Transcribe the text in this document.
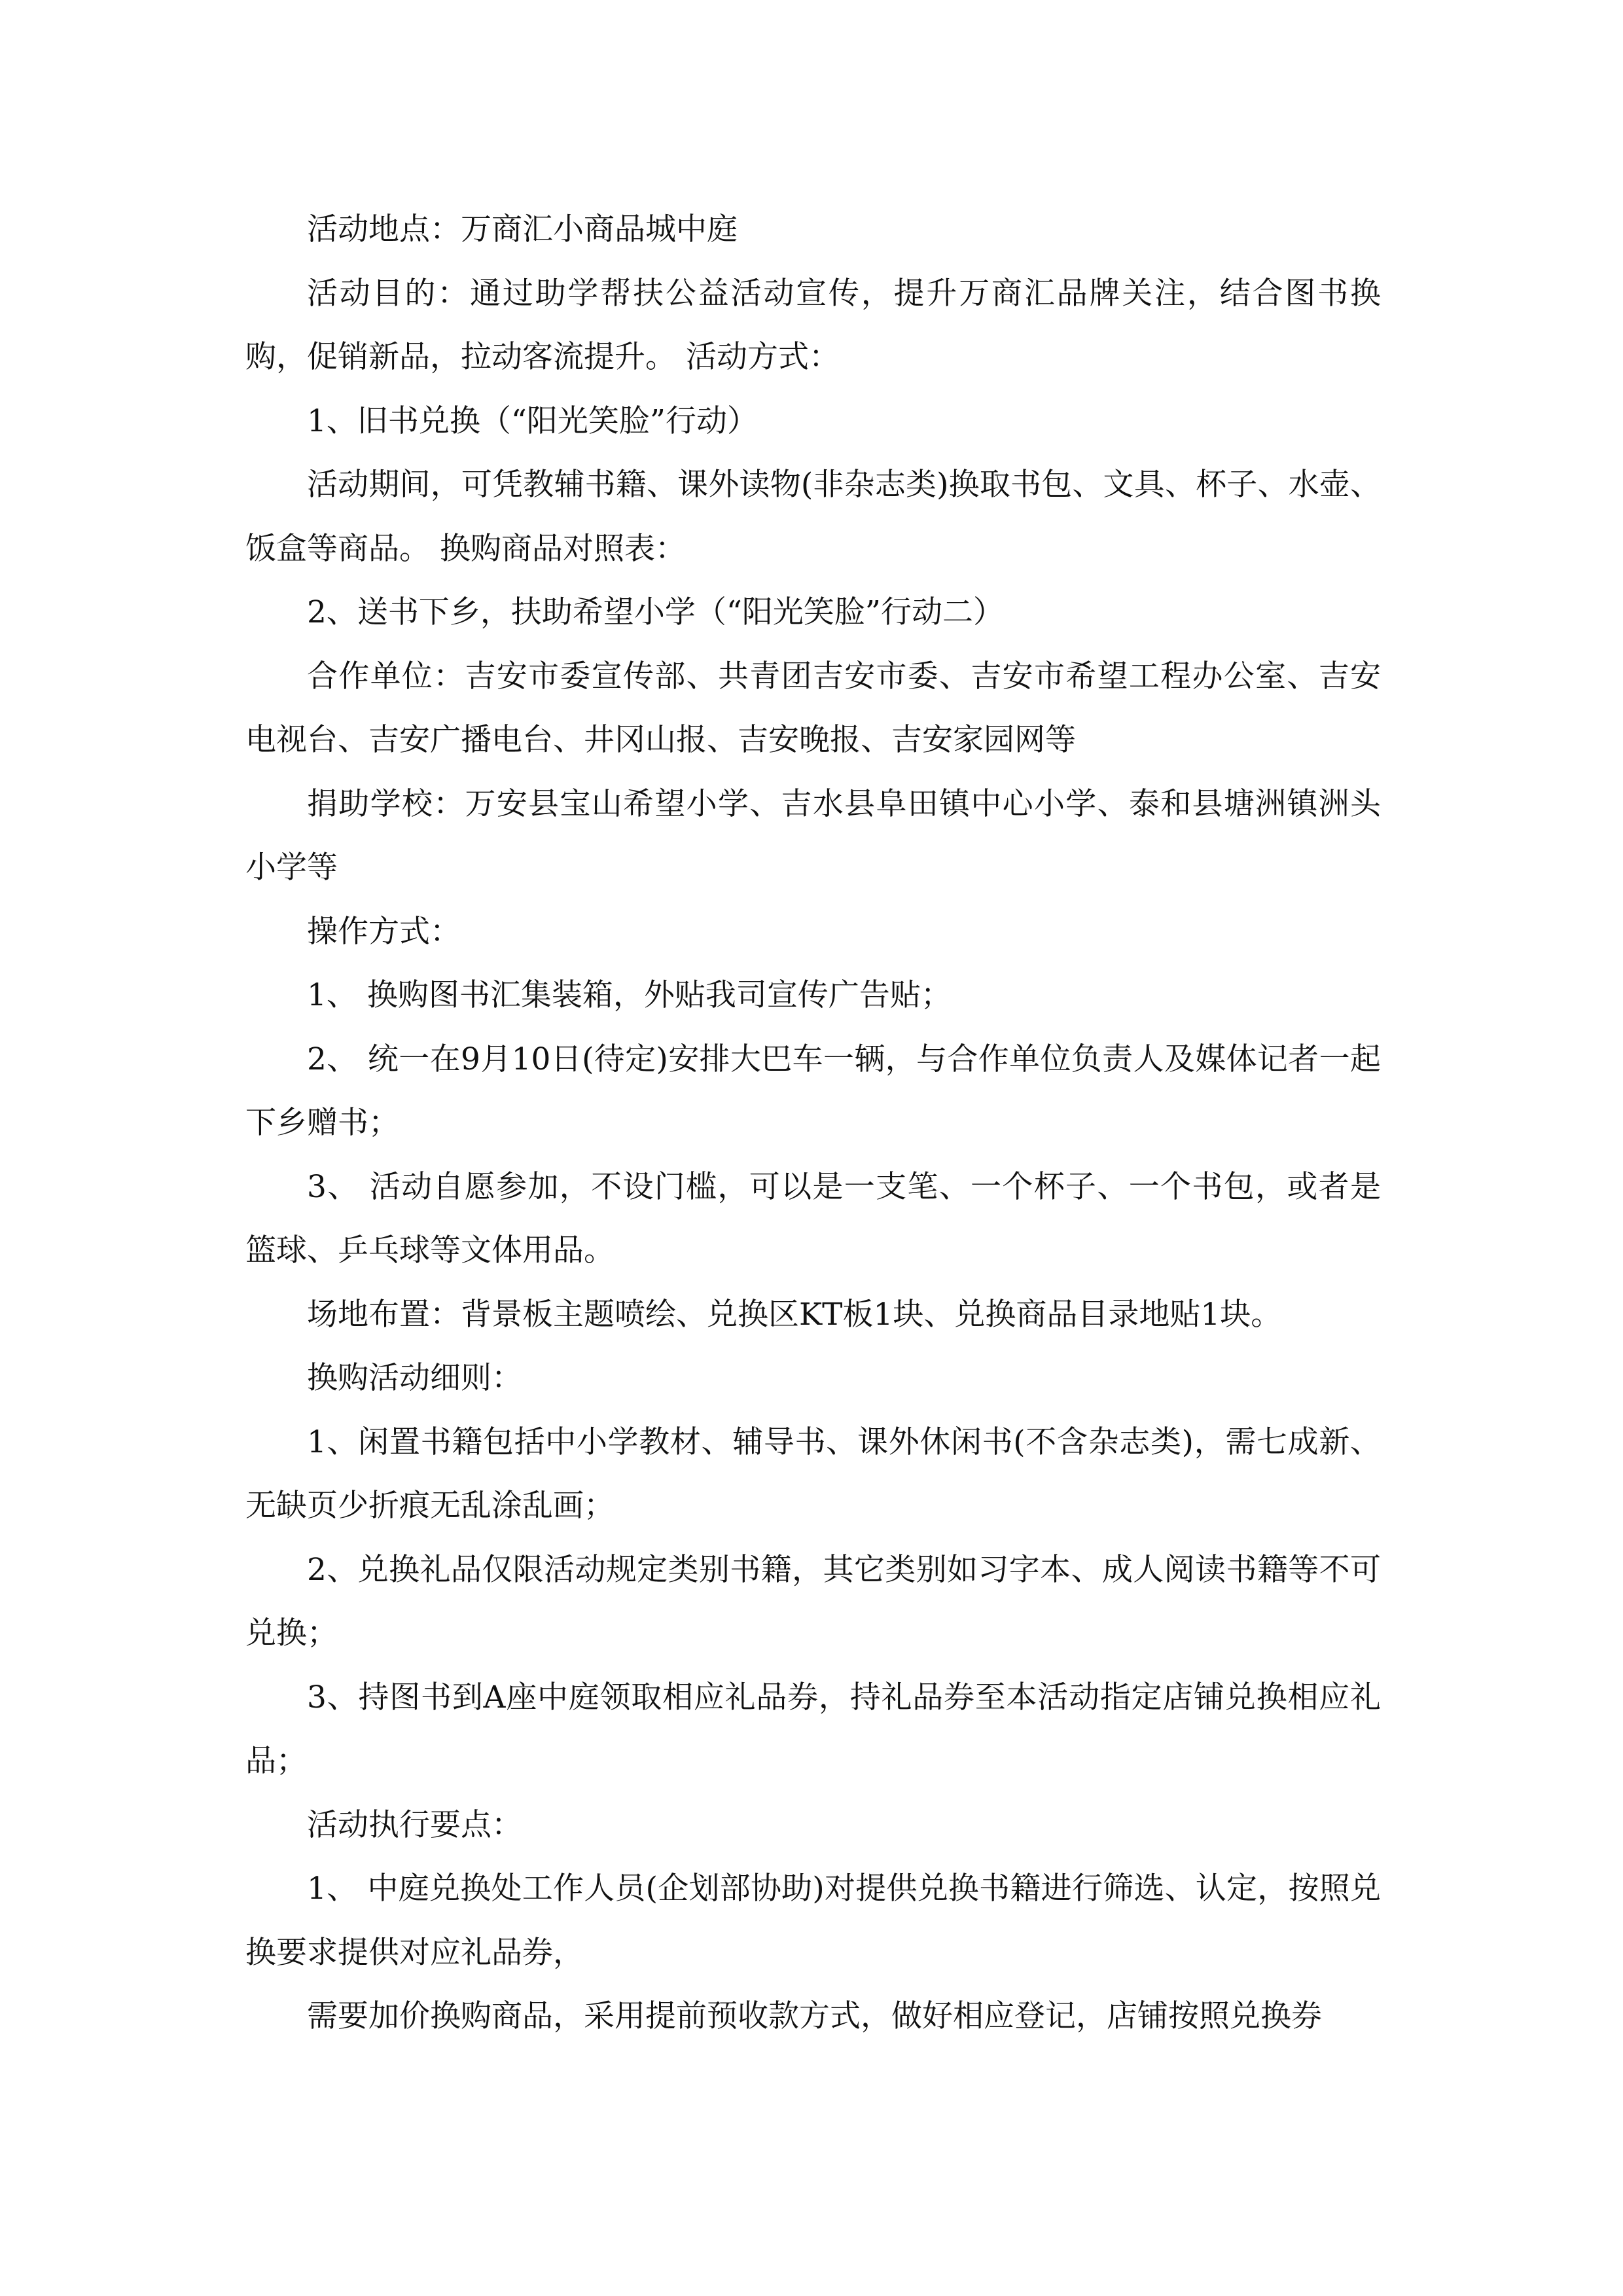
活动地点：万商汇小商品城中庭

活动目的：通过助学帮扶公益活动宣传，提升万商汇品牌关注，结合图书换购，促销新品，拉动客流提升。 活动方式：

1、旧书兑换（“阳光笑脸”行动）

活动期间，可凭教辅书籍、课外读物(非杂志类)换取书包、文具、杯子、水壶、饭盒等商品。 换购商品对照表：

2、送书下乡，扶助希望小学（“阳光笑脸”行动二）

合作单位：吉安市委宣传部、共青团吉安市委、吉安市希望工程办公室、吉安电视台、吉安广播电台、井冈山报、吉安晚报、吉安家园网等

捐助学校：万安县宝山希望小学、吉水县阜田镇中心小学、泰和县塘洲镇洲头小学等

操作方式：

1、 换购图书汇集装箱，外贴我司宣传广告贴；

2、 统一在9月10日(待定)安排大巴车一辆，与合作单位负责人及媒体记者一起下乡赠书；

3、 活动自愿参加，不设门槛，可以是一支笔、一个杯子、一个书包，或者是篮球、乒乓球等文体用品。

场地布置：背景板主题喷绘、兑换区KT板1块、兑换商品目录地贴1块。

换购活动细则：

1、闲置书籍包括中小学教材、辅导书、课外休闲书(不含杂志类)，需七成新、无缺页少折痕无乱涂乱画；

2、兑换礼品仅限活动规定类别书籍，其它类别如习字本、成人阅读书籍等不可兑换；

3、持图书到A座中庭领取相应礼品券，持礼品券至本活动指定店铺兑换相应礼品；

活动执行要点：

1、 中庭兑换处工作人员(企划部协助)对提供兑换书籍进行筛选、认定，按照兑换要求提供对应礼品券，

需要加价换购商品，采用提前预收款方式，做好相应登记，店铺按照兑换券
